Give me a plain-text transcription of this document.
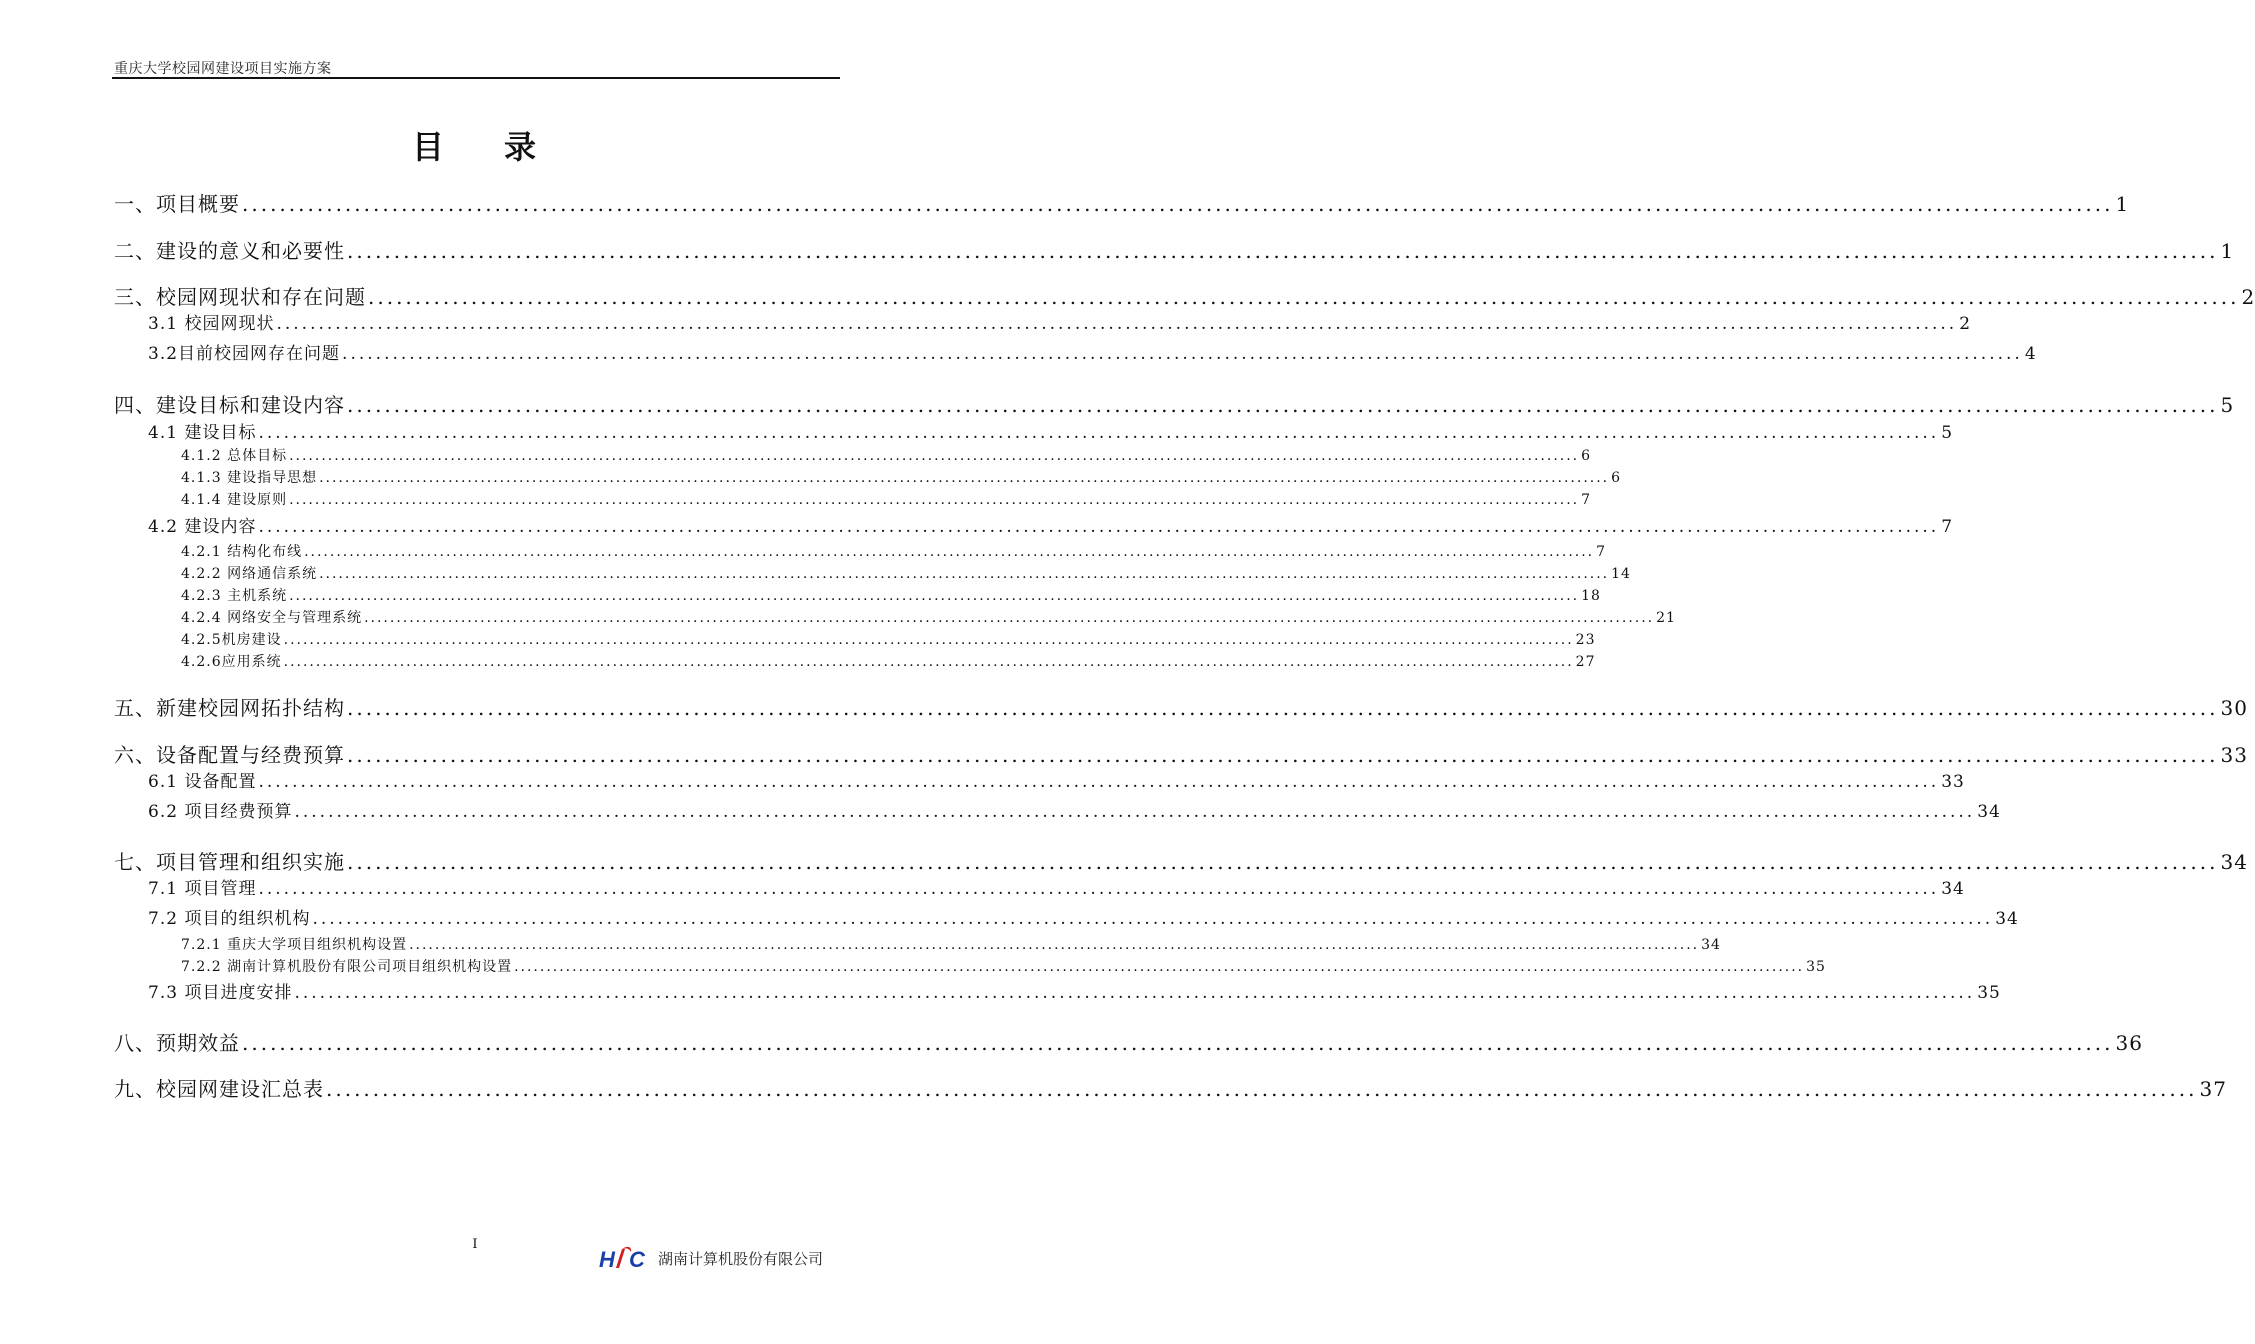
重庆大学校园网建设项目实施方案
目 录
一、项目概要 ........................................................................................................................................................................................................ 1
二、建设的意义和必要性 ........................................................................................................................................................................................................ 1
三、校园网现状和存在问题 ........................................................................................................................................................................................................ 2
3.1 校园网现状 ........................................................................................................................................................................................................ 2
3.2目前校园网存在问题 ........................................................................................................................................................................................................ 4
四、建设目标和建设内容 ........................................................................................................................................................................................................ 5
4.1 建设目标 ........................................................................................................................................................................................................ 5
4.1.2 总体目标 ........................................................................................................................................................................................................ 6
4.1.3 建设指导思想 ........................................................................................................................................................................................................ 6
4.1.4 建设原则 ........................................................................................................................................................................................................ 7
4.2 建设内容 ........................................................................................................................................................................................................ 7
4.2.1 结构化布线 ........................................................................................................................................................................................................ 7
4.2.2 网络通信系统 ........................................................................................................................................................................................................ 14
4.2.3 主机系统 ........................................................................................................................................................................................................ 18
4.2.4 网络安全与管理系统 ........................................................................................................................................................................................................ 21
4.2.5机房建设 ........................................................................................................................................................................................................ 23
4.2.6应用系统 ........................................................................................................................................................................................................ 27
五、新建校园网拓扑结构 ........................................................................................................................................................................................................ 30
六、设备配置与经费预算 ........................................................................................................................................................................................................ 33
6.1 设备配置 ........................................................................................................................................................................................................ 33
6.2 项目经费预算 ........................................................................................................................................................................................................ 34
七、项目管理和组织实施 ........................................................................................................................................................................................................ 34
7.1 项目管理 ........................................................................................................................................................................................................ 34
7.2 项目的组织机构 ........................................................................................................................................................................................................ 34
7.2.1 重庆大学项目组织机构设置 ........................................................................................................................................................................................................ 34
7.2.2 湖南计算机股份有限公司项目组织机构设置 ........................................................................................................................................................................................................ 35
7.3 项目进度安排 ........................................................................................................................................................................................................ 35
八、预期效益 ........................................................................................................................................................................................................ 36
九、校园网建设汇总表 ........................................................................................................................................................................................................ 37
I
H C 湖南计算机股份有限公司
